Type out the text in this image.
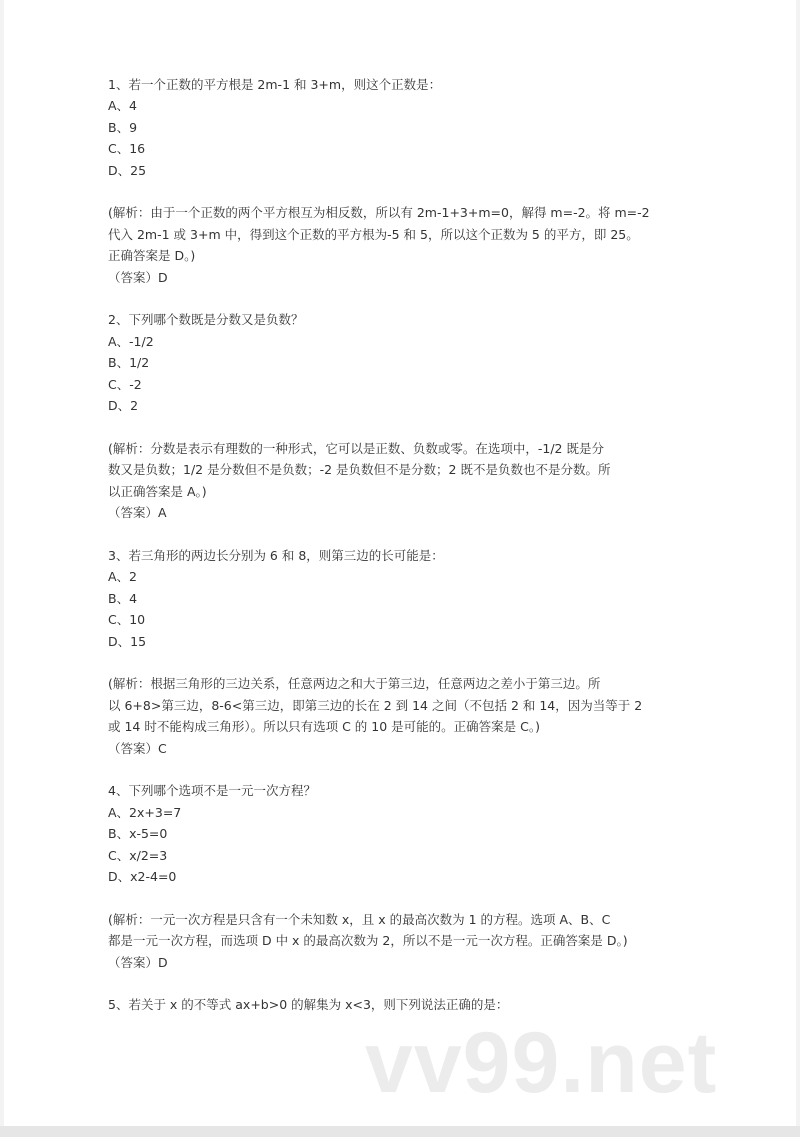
1、若一个正数的平方根是 2m-1 和 3+m，则这个正数是：
A、4
B、9
C、16
D、25
(解析：由于一个正数的两个平方根互为相反数，所以有 2m-1+3+m=0，解得 m=-2。将 m=-2
代入 2m-1 或 3+m 中，得到这个正数的平方根为-5 和 5，所以这个正数为 5 的平方，即 25。
正确答案是 D。)
（答案）D
2、下列哪个数既是分数又是负数？
A、-1/2
B、1/2
C、-2
D、2
(解析：分数是表示有理数的一种形式，它可以是正数、负数或零。在选项中，-1/2 既是分
数又是负数；1/2 是分数但不是负数；-2 是负数但不是分数；2 既不是负数也不是分数。所
以正确答案是 A。)
（答案）A
3、若三角形的两边长分别为 6 和 8，则第三边的长可能是：
A、2
B、4
C、10
D、15
(解析：根据三角形的三边关系，任意两边之和大于第三边，任意两边之差小于第三边。所
以 6+8>第三边，8-6<第三边，即第三边的长在 2 到 14 之间（不包括 2 和 14，因为当等于 2
或 14 时不能构成三角形）。所以只有选项 C 的 10 是可能的。正确答案是 C。)
（答案）C
4、下列哪个选项不是一元一次方程？
A、2x+3=7
B、x-5=0
C、x/2=3
D、x2-4=0
(解析：一元一次方程是只含有一个未知数 x，且 x 的最高次数为 1 的方程。选项 A、B、C
都是一元一次方程，而选项 D 中 x 的最高次数为 2，所以不是一元一次方程。正确答案是 D。)
（答案）D
5、若关于 x 的不等式 ax+b>0 的解集为 x<3，则下列说法正确的是：
vv99.net
